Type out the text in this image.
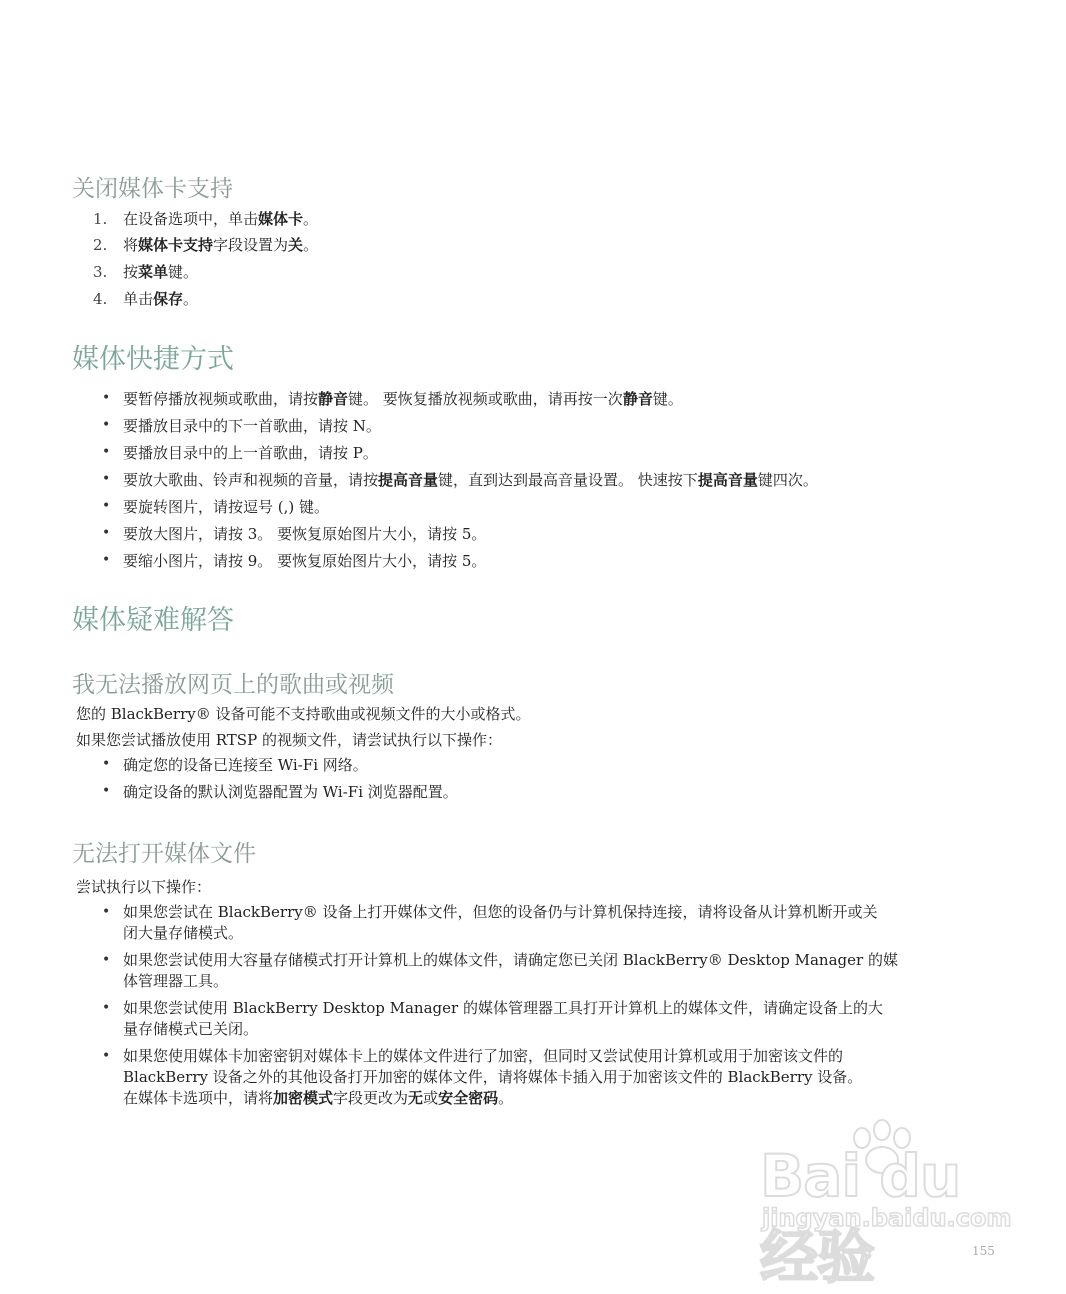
关闭媒体卡支持
1.	在设备选项中，单击媒体卡。
2.	将媒体卡支持字段设置为关。
3.	按菜单键。
4.	单击保存。
媒体快捷方式
• 要暂停播放视频或歌曲，请按静音键。 要恢复播放视频或歌曲，请再按一次静音键。
• 要播放目录中的下一首歌曲，请按 N。
• 要播放目录中的上一首歌曲，请按 P。
• 要放大歌曲、铃声和视频的音量，请按提高音量键，直到达到最高音量设置。 快速按下提高音量键四次。
• 要旋转图片，请按逗号 (,) 键。
• 要放大图片，请按 3。 要恢复原始图片大小，请按 5。
• 要缩小图片，请按 9。 要恢复原始图片大小，请按 5。
媒体疑难解答
我无法播放网页上的歌曲或视频
您的 BlackBerry® 设备可能不支持歌曲或视频文件的大小或格式。
如果您尝试播放使用 RTSP 的视频文件，请尝试执行以下操作：
• 确定您的设备已连接至 Wi-Fi 网络。
• 确定设备的默认浏览器配置为 Wi-Fi 浏览器配置。
无法打开媒体文件
尝试执行以下操作：
• 如果您尝试在 BlackBerry® 设备上打开媒体文件，但您的设备仍与计算机保持连接，请将设备从计算机断开或关
闭大量存储模式。
• 如果您尝试使用大容量存储模式打开计算机上的媒体文件，请确定您已关闭 BlackBerry® Desktop Manager 的媒
体管理器工具。
• 如果您尝试使用 BlackBerry Desktop Manager 的媒体管理器工具打开计算机上的媒体文件，请确定设备上的大
量存储模式已关闭。
• 如果您使用媒体卡加密密钥对媒体卡上的媒体文件进行了加密，但同时又尝试使用计算机或用于加密该文件的
BlackBerry 设备之外的其他设备打开加密的媒体文件，请将媒体卡插入用于加密该文件的 BlackBerry 设备。
在媒体卡选项中，请将加密模式字段更改为无或安全密码。
Bai du 经验
jingyan.baidu.com
155
